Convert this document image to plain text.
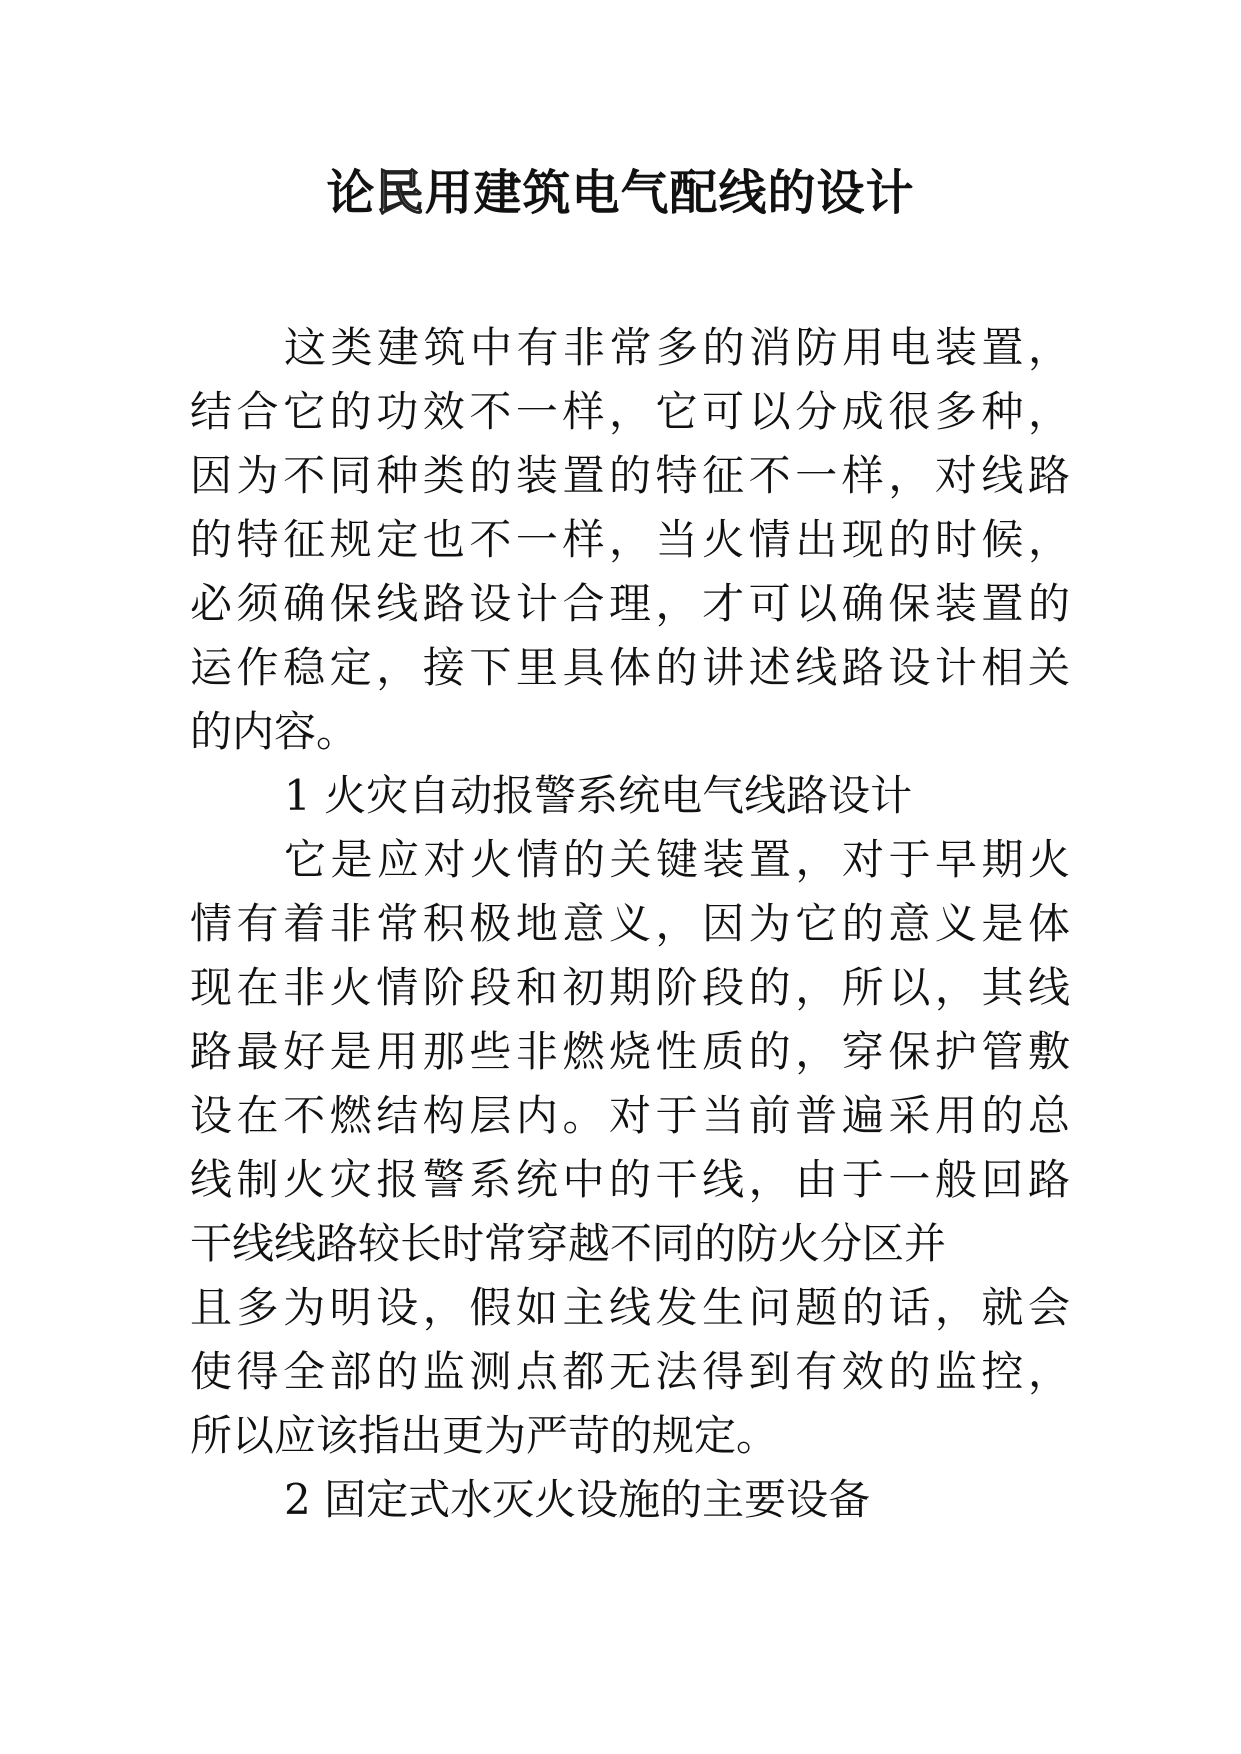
论民用建筑电气配线的设计
这类建筑中有非常多的消防用电装置，
结合它的功效不一样，它可以分成很多种，
因为不同种类的装置的特征不一样，对线路
的特征规定也不一样，当火情出现的时候，
必须确保线路设计合理，才可以确保装置的
运作稳定，接下里具体的讲述线路设计相关
的内容。
1 火灾自动报警系统电气线路设计
它是应对火情的关键装置，对于早期火
情有着非常积极地意义，因为它的意义是体
现在非火情阶段和初期阶段的，所以，其线
路最好是用那些非燃烧性质的，穿保护管敷
设在不燃结构层内。对于当前普遍采用的总
线制火灾报警系统中的干线，由于一般回路
干线线路较长时常穿越不同的防火分区并
且多为明设，假如主线发生问题的话，就会
使得全部的监测点都无法得到有效的监控，
所以应该指出更为严苛的规定。
2 固定式水灭火设施的主要设备
